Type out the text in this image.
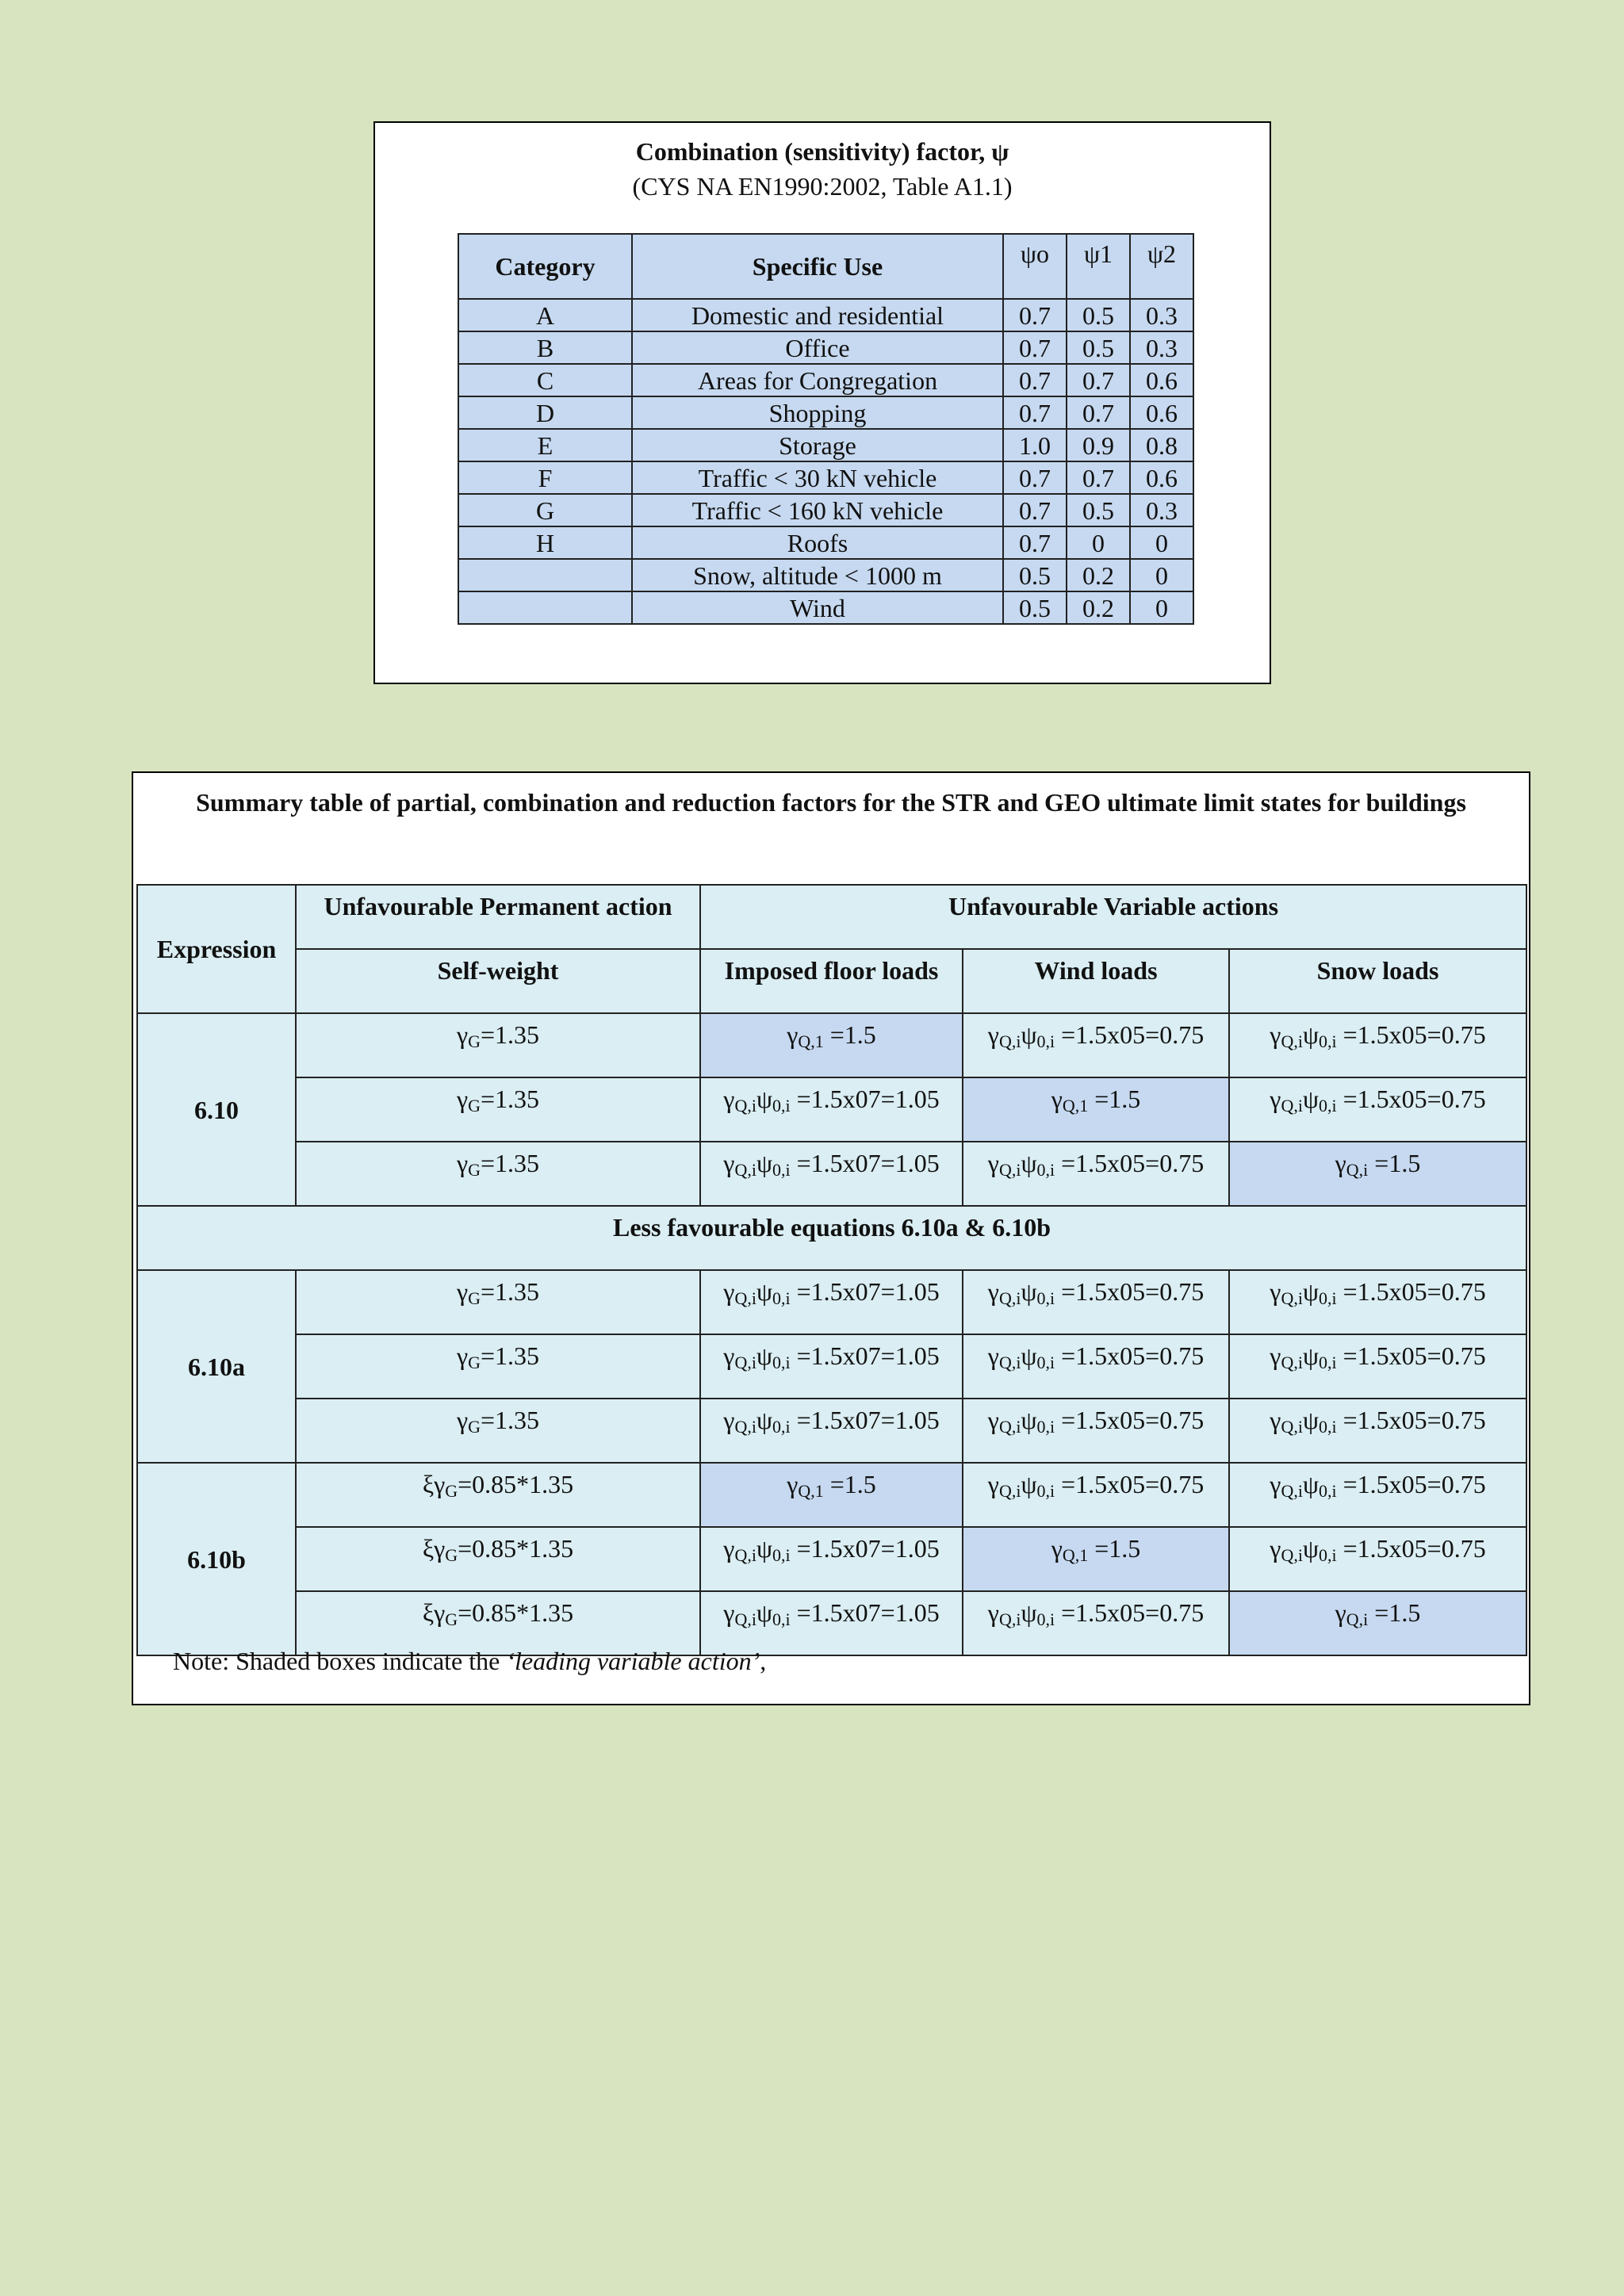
Combination (sensitivity) factor, ψ
(CYS NA EN1990:2002, Table A1.1)
Category	Specific Use	ψo	ψ1	ψ2
A	Domestic and residential	0.7	0.5	0.3
B	Office	0.7	0.5	0.3
C	Areas for Congregation	0.7	0.7	0.6
D	Shopping	0.7	0.7	0.6
E	Storage	1.0	0.9	0.8
F	Traffic < 30 kN vehicle	0.7	0.7	0.6
G	Traffic < 160 kN vehicle	0.7	0.5	0.3
H	Roofs	0.7	0	0
	Snow, altitude < 1000 m	0.5	0.2	0
	Wind	0.5	0.2	0
Summary table of partial, combination and reduction factors for the STR and GEO ultimate limit states for buildings
Expression	Unfavourable Permanent action	Unfavourable Variable actions		
	Self-weight	Imposed floor loads	Wind loads	Snow loads
6.10	$\gamma_G=1.35$	$\gamma_{Q,1} =1.5$	$\gamma_{Q,i}\psi_{0,i} =1.5x05=0.75$	$\gamma_{Q,i}\psi_{0,i} =1.5x05=0.75$
	$\gamma_G=1.35$	$\gamma_{Q,i}\psi_{0,i} =1.5x07=1.05$	$\gamma_{Q,1} =1.5$	$\gamma_{Q,i}\psi_{0,i} =1.5x05=0.75$
	$\gamma_G=1.35$	$\gamma_{Q,i}\psi_{0,i} =1.5x07=1.05$	$\gamma_{Q,i}\psi_{0,i} =1.5x05=0.75$	$\gamma_{Q,i} =1.5$
Less favourable equations 6.10a & 6.10b				
6.10a	$\gamma_G=1.35$	$\gamma_{Q,i}\psi_{0,i} =1.5x07=1.05$	$\gamma_{Q,i}\psi_{0,i} =1.5x05=0.75$	$\gamma_{Q,i}\psi_{0,i} =1.5x05=0.75$
	$\gamma_G=1.35$	$\gamma_{Q,i}\psi_{0,i} =1.5x07=1.05$	$\gamma_{Q,i}\psi_{0,i} =1.5x05=0.75$	$\gamma_{Q,i}\psi_{0,i} =1.5x05=0.75$
	$\gamma_G=1.35$	$\gamma_{Q,i}\psi_{0,i} =1.5x07=1.05$	$\gamma_{Q,i}\psi_{0,i} =1.5x05=0.75$	$\gamma_{Q,i}\psi_{0,i} =1.5x05=0.75$
6.10b	$\xi\gamma_G=0.85*1.35$	$\gamma_{Q,1} =1.5$	$\gamma_{Q,i}\psi_{0,i} =1.5x05=0.75$	$\gamma_{Q,i}\psi_{0,i} =1.5x05=0.75$
	$\xi\gamma_G=0.85*1.35$	$\gamma_{Q,i}\psi_{0,i} =1.5x07=1.05$	$\gamma_{Q,1} =1.5$	$\gamma_{Q,i}\psi_{0,i} =1.5x05=0.75$
	$\xi\gamma_G=0.85*1.35$	$\gamma_{Q,i}\psi_{0,i} =1.5x07=1.05$	$\gamma_{Q,i}\psi_{0,i} =1.5x05=0.75$	$\gamma_{Q,i} =1.5$
Note: Shaded boxes indicate the ‘leading variable action’,
